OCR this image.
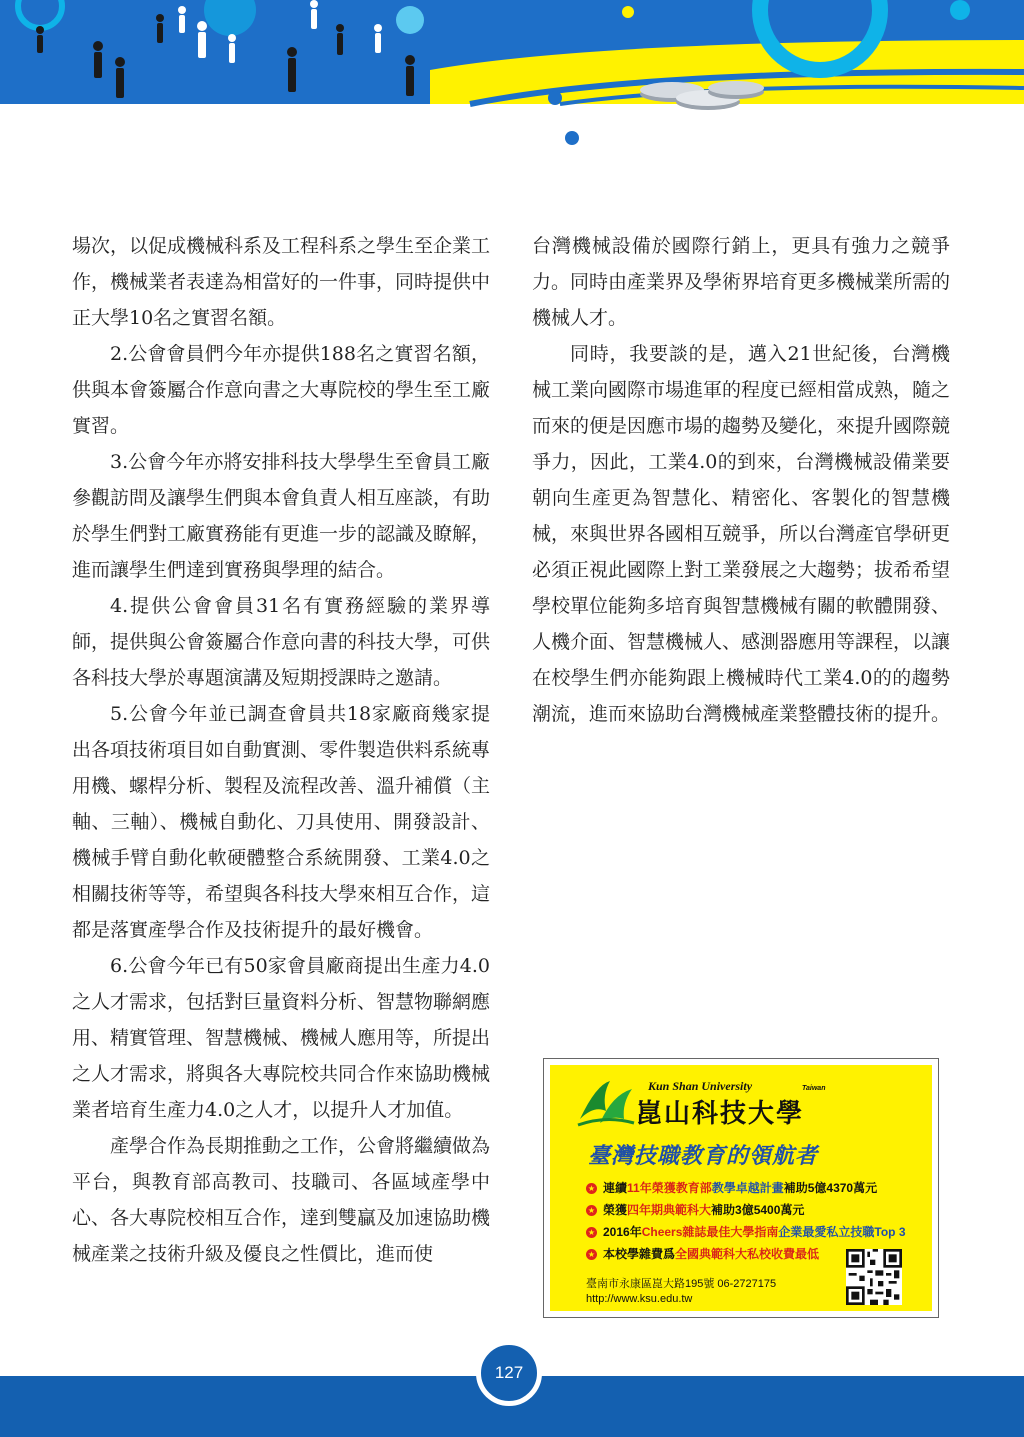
場次，以促成機械科系及工程科系之學生至企業工作，機械業者表達為相當好的一件事，同時提供中正大學10名之實習名額。

2.公會會員們今年亦提供188名之實習名額，供與本會簽屬合作意向書之大專院校的學生至工廠實習。

3.公會今年亦將安排科技大學學生至會員工廠參觀訪問及讓學生們與本會負責人相互座談，有助於學生們對工廠實務能有更進一步的認識及瞭解，進而讓學生們達到實務與學理的結合。

4.提供公會會員31名有實務經驗的業界導師，提供與公會簽屬合作意向書的科技大學，可供各科技大學於專題演講及短期授課時之邀請。

5.公會今年並已調查會員共18家廠商幾家提出各項技術項目如自動實測、零件製造供料系統專用機、螺桿分析、製程及流程改善、溫升補償（主軸、三軸）、機械自動化、刀具使用、開發設計、機械手臂自動化軟硬體整合系統開發、工業4.0之相關技術等等，希望與各科技大學來相互合作，這都是落實產學合作及技術提升的最好機會。

6.公會今年已有50家會員廠商提出生產力4.0之人才需求，包括對巨量資料分析、智慧物聯網應用、精實管理、智慧機械、機械人應用等，所提出之人才需求，將與各大專院校共同合作來協助機械業者培育生產力4.0之人才，以提升人才加值。

產學合作為長期推動之工作，公會將繼續做為平台，與教育部高教司、技職司、各區域產學中心、各大專院校相互合作，達到雙贏及加速協助機械產業之技術升級及優良之性價比，進而使

台灣機械設備於國際行銷上，更具有強力之競爭力。同時由產業界及學術界培育更多機械業所需的機械人才。

同時，我要談的是，邁入21世紀後，台灣機械工業向國際市場進軍的程度已經相當成熟，隨之而來的便是因應市場的趨勢及變化，來提升國際競爭力，因此，工業4.0的到來，台灣機械設備業要朝向生產更為智慧化、精密化、客製化的智慧機械，來與世界各國相互競爭，所以台灣產官學研更必須正視此國際上對工業發展之大趨勢；拔希希望學校單位能夠多培育與智慧機械有關的軟體開發、人機介面、智慧機械人、感測器應用等課程，以讓在校學生們亦能夠跟上機械時代工業4.0的的趨勢潮流，進而來協助台灣機械產業整體技術的提升。

Kun Shan University	Taiwan
崑山科技大學
臺灣技職教育的領航者
★ 連續 11年榮獲教育部 教學卓越計畫 補助5億4370萬元
★ 榮獲 四年期典範科大 補助3億5400萬元
★ 2016年 Cheers雜誌最佳大學指南 企業最愛私立技職Top 3
★ 本校學雜費爲 全國典範科大私校收費最低
臺南市永康區崑大路195號 06-2727175
http://www.ksu.edu.tw
127
